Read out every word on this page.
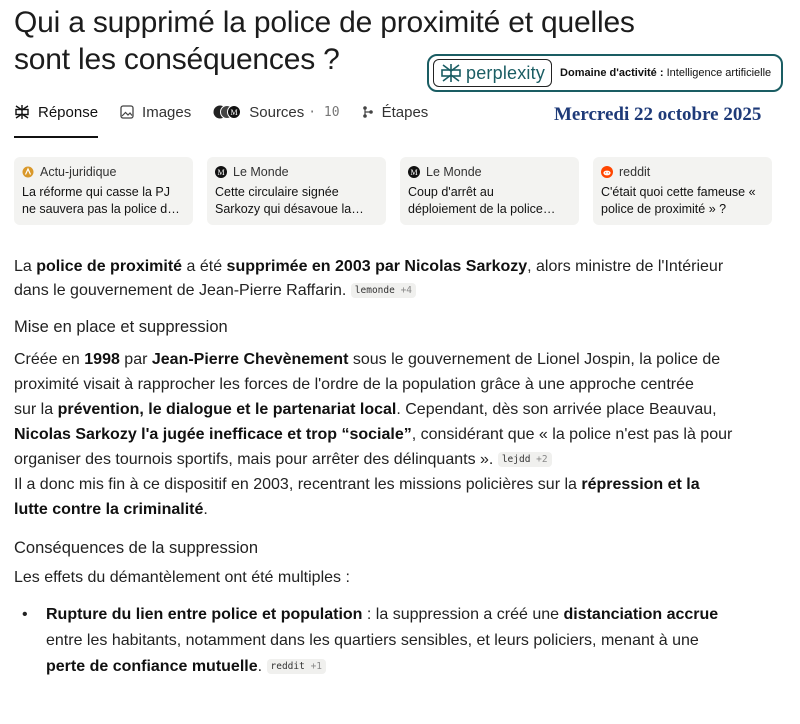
Qui a supprimé la police de proximité et quelles
sont les conséquences ?	perplexity Domaine d'activité : Intelligence artificielle
Réponse	Images	M Sources · 10	Étapes	Mercredi 22 octobre 2025
Actu-juridique
La réforme qui casse la PJ
ne sauvera pas la police d…
M Le Monde
Cette circulaire signée
Sarkozy qui désavoue la…
M Le Monde
Coup d'arrêt au
déploiement de la police…
reddit
C'était quoi cette fameuse «
police de proximité » ?

La police de proximité a été supprimée en 2003 par Nicolas Sarkozy, alors ministre de l'Intérieur
dans le gouvernement de Jean-Pierre Raffarin. lemonde +4

Mise en place et suppression

Créée en 1998 par Jean-Pierre Chevènement sous le gouvernement de Lionel Jospin, la police de
proximité visait à rapprocher les forces de l'ordre de la population grâce à une approche centrée
sur la prévention, le dialogue et le partenariat local. Cependant, dès son arrivée place Beauvau,
Nicolas Sarkozy l'a jugée inefficace et trop “sociale”, considérant que « la police n'est pas là pour
organiser des tournois sportifs, mais pour arrêter des délinquants ». lejdd +2
Il a donc mis fin à ce dispositif en 2003, recentrant les missions policières sur la répression et la
lutte contre la criminalité.

Conséquences de la suppression

Les effets du démantèlement ont été multiples :

• Rupture du lien entre police et population : la suppression a créé une distanciation accrue
entre les habitants, notamment dans les quartiers sensibles, et leurs policiers, menant à une
perte de confiance mutuelle. reddit +1
